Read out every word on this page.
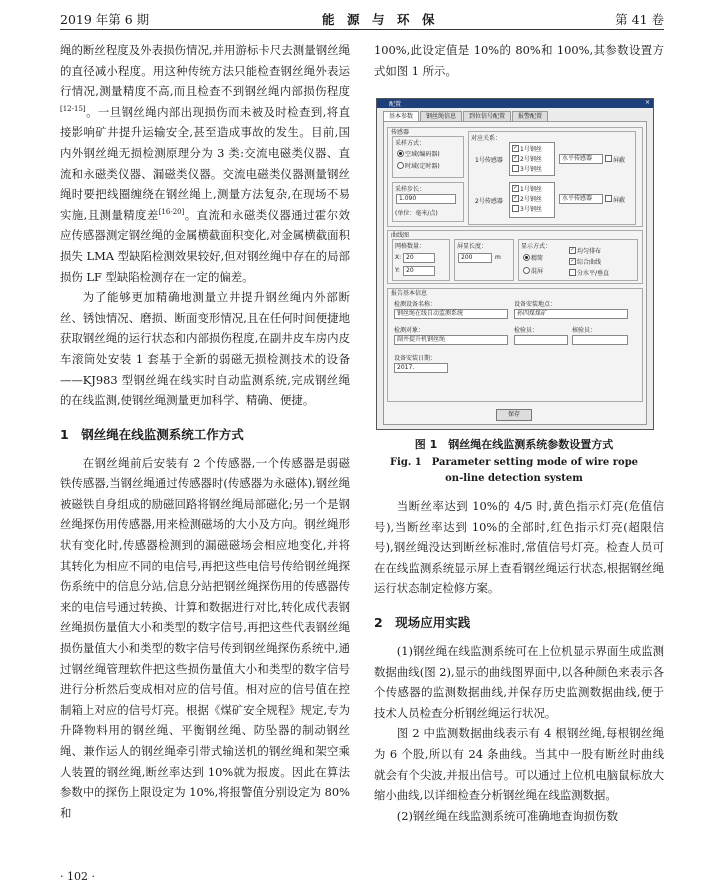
2019 年第 6 期	能　源　与　环　保	第 41 卷

绳的断丝程度及外表损伤情况,并用游标卡尺去测量钢丝绳的直径减小程度。用这种传统方法只能检查钢丝绳外表运行情况,测量精度不高,而且检查不到钢丝绳内部损伤程度[12-15]。一旦钢丝绳内部出现损伤而未被及时检查到,将直接影响矿井提升运输安全,甚至造成事故的发生。目前,国内外钢丝绳无损检测原理分为 3 类:交流电磁类仪器、直流和永磁类仪器、漏磁类仪器。交流电磁类仪器测量钢丝绳时要把线圈缠绕在钢丝绳上,测量方法复杂,在现场不易实施,且测量精度差[16-20]。直流和永磁类仪器通过霍尔效应传感器测定钢丝绳的金属横截面积变化,对金属横截面积损失 LMA 型缺陷检测效果较好,但对钢丝绳中存在的局部损伤 LF 型缺陷检测存在一定的偏差。

为了能够更加精确地测量立井提升钢丝绳内外部断丝、锈蚀情况、磨损、断面变形情况,且在任何时间便捷地获取钢丝绳的运行状态和内部损伤程度,在副井皮车房内皮车滚筒处安装 1 套基于全新的弱磁无损检测技术的设备——KJ983 型钢丝绳在线实时自动监测系统,完成钢丝绳的在线监测,使钢丝绳测量更加科学、精确、便捷。

1　钢丝绳在线监测系统工作方式

在钢丝绳前后安装有 2 个传感器,一个传感器是弱磁铁传感器,当钢丝绳通过传感器时(传感器为永磁体),钢丝绳被磁铁自身组成的励磁回路将钢丝绳局部磁化;另一个是钢丝绳探伤用传感器,用来检测磁场的大小及方向。钢丝绳形状有变化时,传感器检测到的漏磁磁场会相应地变化,并将其转化为相应不同的电信号,再把这些电信号传给钢丝绳探伤系统中的信息分站,信息分站把钢丝绳探伤用的传感器传来的电信号通过转换、计算和数据进行对比,转化成代表钢丝绳损伤量值大小和类型的数字信号,再把这些代表钢丝绳损伤量值大小和类型的数字信号传到钢丝绳探伤系统中,通过钢丝绳管理软件把这些损伤量值大小和类型的数字信号进行分析然后变成相对应的信号值。相对应的信号值在控制箱上对应的信号灯亮。根据《煤矿安全规程》规定,专为升降物料用的钢丝绳、平衡钢丝绳、防坠器的制动钢丝绳、兼作运人的钢丝绳牵引带式输送机的钢丝绳和架空乘人装置的钢丝绳,断丝率达到 10%就为报废。因此在算法参数中的探伤上限设定为 10%,将报警值分别设定为 80% 和

100%,此设定值是 10%的 80%和 100%,其参数设置方式如图 1 所示。

配置	×
基本参数 钢丝绳信息 到位信号配置 报警配置
传感器
采样方式：
空域(编码器)
时域(定时器)
采样步长：
1.090
(单位：毫米/点)
对应关系：
1号传感器
2号传感器
✓ 1号钢丝
✓ 2号钢丝
3号钢丝
水平传感器	屏蔽
✓ 1号钢丝
✓ 2号钢丝
3号钢丝
水平传感器	屏蔽
曲线图
网格数量：
X: 20
Y:	20
屏显长度：
200	m
显示方式：
精简
混屏
✓ 均匀排布
✓ 综合曲线
分水平/垂直
报告基本信息
检测设备名称：
钢丝绳在线自动监测系统
设备安装地点：
孙四煤煤矿
检测对象：
副井提升机钢丝绳
检验员：	核验员：
设备安装日期：
2017.
保存
图 1　钢丝绳在线监测系统参数设置方式
Fig. 1　Parameter setting mode of wire rope
on-line detection system

当断丝率达到 10%的 4/5 时,黄色指示灯亮(危值信号),当断丝率达到 10%的全部时,红色指示灯亮(超限信号),钢丝绳没达到断丝标准时,常值信号灯亮。检查人员可在在线监测系统显示屏上查看钢丝绳运行状态,根据钢丝绳运行状态制定检修方案。

2　现场应用实践

(1)钢丝绳在线监测系统可在上位机显示界面生成监测数据曲线(图 2),显示的曲线图界面中,以各种颜色来表示各个传感器的监测数据曲线,并保存历史监测数据曲线,便于技术人员检查分析钢丝绳运行状况。

图 2 中监测数据曲线表示有 4 根钢丝绳,每根钢丝绳为 6 个股,所以有 24 条曲线。当其中一股有断丝时曲线就会有个尖波,并报出信号。可以通过上位机电脑鼠标放大缩小曲线,以详细检查分析钢丝绳在线监测数据。

(2)钢丝绳在线监测系统可准确地查询损伤数

· 102 ·
